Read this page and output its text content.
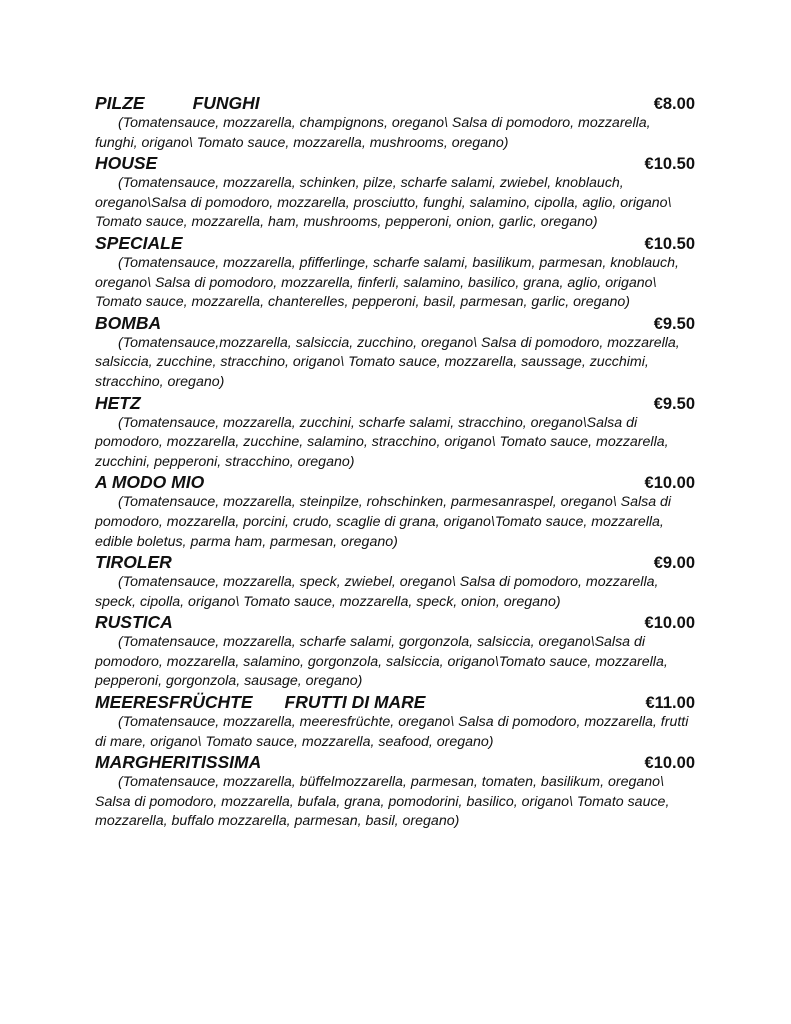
PILZE	FUNGHI	€8.00

(Tomatensauce, mozzarella, champignons, oregano\ Salsa di pomodoro, mozzarella, funghi, origano\ Tomato sauce, mozzarella, mushrooms, oregano)

HOUSE	€10.50

(Tomatensauce, mozzarella, schinken, pilze, scharfe salami, zwiebel, knoblauch, oregano\Salsa di pomodoro, mozzarella, prosciutto, funghi, salamino, cipolla, aglio, origano\ Tomato sauce, mozzarella, ham, mushrooms, pepperoni, onion, garlic, oregano)

SPECIALE	€10.50

(Tomatensauce, mozzarella, pfifferlinge, scharfe salami, basilikum, parmesan, knoblauch, oregano\ Salsa di pomodoro, mozzarella, finferli, salamino, basilico, grana, aglio, origano\ Tomato sauce, mozzarella, chanterelles, pepperoni, basil, parmesan, garlic, oregano)

BOMBA	€9.50

(Tomatensauce,mozzarella, salsiccia, zucchino, oregano\ Salsa di pomodoro, mozzarella, salsiccia, zucchine, stracchino, origano\ Tomato sauce, mozzarella, saussage, zucchimi, stracchino, oregano)

HETZ	€9.50

(Tomatensauce, mozzarella, zucchini, scharfe salami, stracchino, oregano\Salsa di pomodoro, mozzarella, zucchine, salamino, stracchino, origano\ Tomato sauce, mozzarella, zucchini, pepperoni, stracchino, oregano)

A MODO MIO	€10.00

(Tomatensauce, mozzarella, steinpilze, rohschinken, parmesanraspel, oregano\ Salsa di pomodoro, mozzarella, porcini, crudo, scaglie di grana, origano\Tomato sauce, mozzarella, edible boletus, parma ham, parmesan, oregano)

TIROLER	€9.00

(Tomatensauce, mozzarella, speck, zwiebel, oregano\ Salsa di pomodoro, mozzarella, speck, cipolla, origano\ Tomato sauce, mozzarella, speck, onion, oregano)

RUSTICA	€10.00

(Tomatensauce, mozzarella, scharfe salami, gorgonzola, salsiccia, oregano\Salsa di pomodoro, mozzarella, salamino, gorgonzola, salsiccia, origano\Tomato sauce, mozzarella, pepperoni, gorgonzola, sausage, oregano)

MEERESFRÜCHTE FRUTTI DI MARE	€11.00

(Tomatensauce, mozzarella, meeresfrüchte, oregano\ Salsa di pomodoro, mozzarella, frutti di mare, origano\ Tomato sauce, mozzarella, seafood, oregano)

MARGHERITISSIMA	€10.00

(Tomatensauce, mozzarella, büffelmozzarella, parmesan, tomaten, basilikum, oregano\ Salsa di pomodoro, mozzarella, bufala, grana, pomodorini, basilico, origano\ Tomato sauce, mozzarella, buffalo mozzarella, parmesan, basil, oregano)
